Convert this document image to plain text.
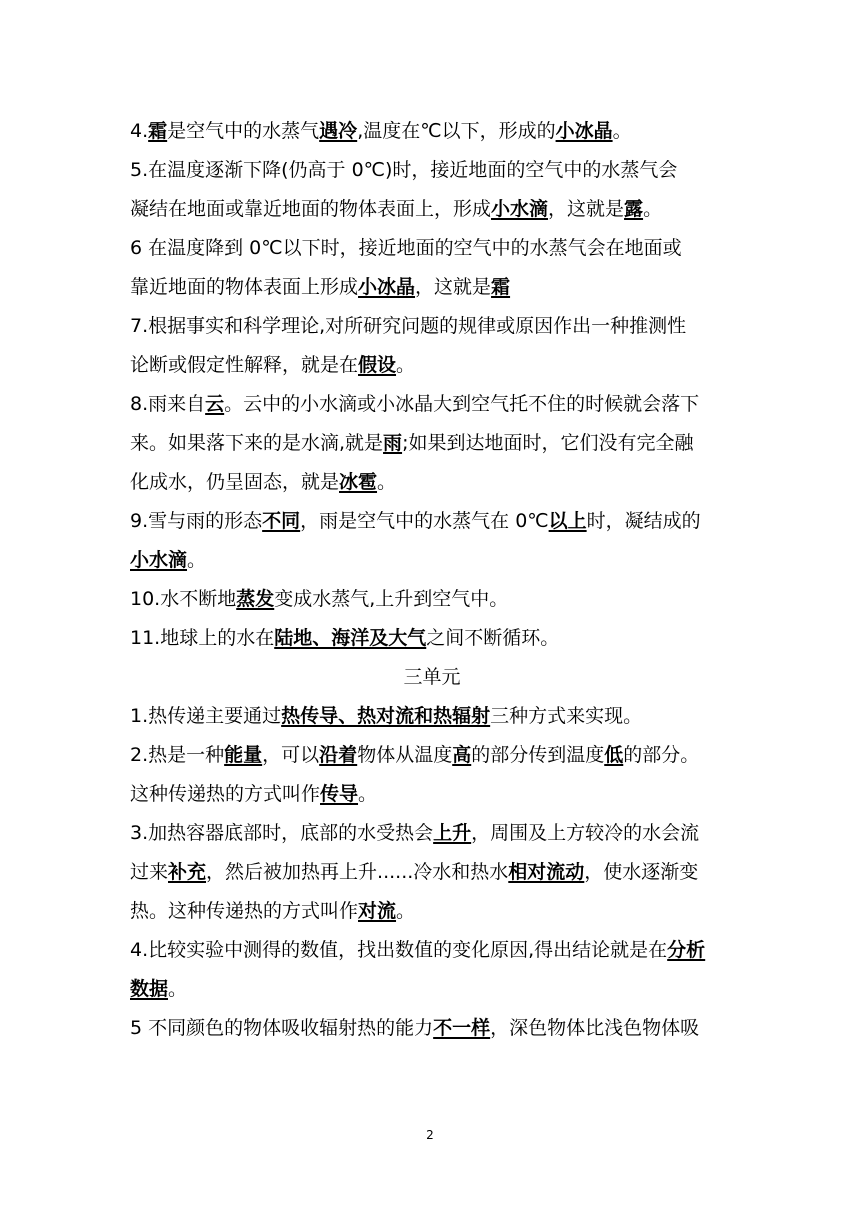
4.霜是空气中的水蒸气遇冷,温度在℃以下，形成的小冰晶。
5.在温度逐渐下降(仍高于 0℃)时，接近地面的空气中的水蒸气会
凝结在地面或靠近地面的物体表面上，形成小水滴，这就是露。
6 在温度降到 0℃以下时，接近地面的空气中的水蒸气会在地面或
靠近地面的物体表面上形成小冰晶，这就是霜
7.根据事实和科学理论,对所研究问题的规律或原因作出一种推测性
论断或假定性解释，就是在假设。
8.雨来自云。云中的小水滴或小冰晶大到空气托不住的时候就会落下
来。如果落下来的是水滴,就是雨;如果到达地面时，它们没有完全融
化成水，仍呈固态，就是冰雹。
9.雪与雨的形态不同，雨是空气中的水蒸气在 0℃以上时，凝结成的
小水滴。
10.水不断地蒸发变成水蒸气,上升到空气中。
11.地球上的水在陆地、海洋及大气之间不断循环。
三单元
1.热传递主要通过热传导、热对流和热辐射三种方式来实现。
2.热是一种能量，可以沿着物体从温度高的部分传到温度低的部分。
这种传递热的方式叫作传导。
3.加热容器底部时，底部的水受热会上升，周围及上方较冷的水会流
过来补充，然后被加热再上升......冷水和热水相对流动，使水逐渐变
热。这种传递热的方式叫作对流。
4.比较实验中测得的数值，找出数值的变化原因,得出结论就是在分析
数据。
5 不同颜色的物体吸收辐射热的能力不一样，深色物体比浅色物体吸
2
